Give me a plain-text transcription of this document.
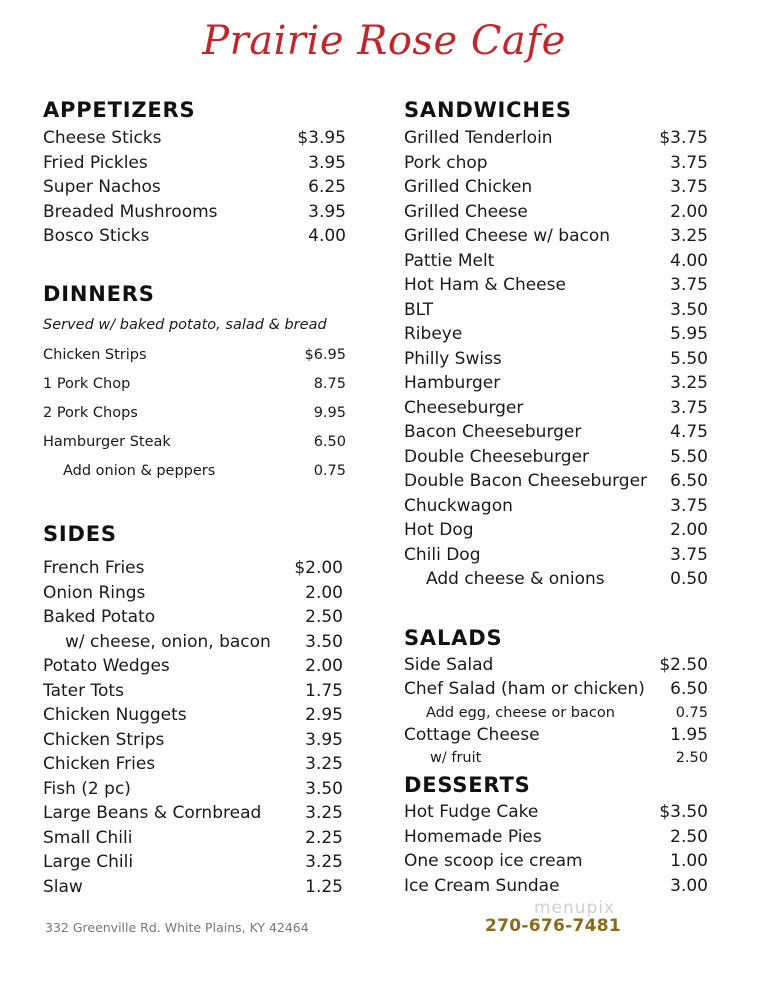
Prairie Rose Cafe
APPETIZERS
Cheese Sticks	$3.95
Fried Pickles	3.95
Super Nachos	6.25
Breaded Mushrooms	3.95
Bosco Sticks	4.00
DINNERS
Served w/ baked potato, salad & bread
Chicken Strips	$6.95
1 Pork Chop	8.75
2 Pork Chops	9.95
Hamburger Steak	6.50
Add onion & peppers	0.75
SIDES
French Fries	$2.00
Onion Rings	2.00
Baked Potato	2.50
w/ cheese, onion, bacon 3.50
Potato Wedges	2.00
Tater Tots	1.75
Chicken Nuggets	2.95
Chicken Strips	3.95
Chicken Fries	3.25
Fish (2 pc)	3.50
Large Beans & Cornbread	3.25
Small Chili	2.25
Large Chili	3.25
Slaw	1.25
SANDWICHES
Grilled Tenderloin	$3.75
Pork chop	3.75
Grilled Chicken	3.75
Grilled Cheese	2.00
Grilled Cheese w/ bacon	3.25
Pattie Melt	4.00
Hot Ham & Cheese	3.75
BLT	3.50
Ribeye	5.95
Philly Swiss	5.50
Hamburger	3.25
Cheeseburger	3.75
Bacon Cheeseburger	4.75
Double Cheeseburger	5.50
Double Bacon Cheeseburger 6.50
Chuckwagon	3.75
Hot Dog	2.00
Chili Dog	3.75
Add cheese & onions	0.50
SALADS
Side Salad	$2.50
Chef Salad (ham or chicken) 6.50
Add egg, cheese or bacon	0.75
Cottage Cheese	1.95
w/ fruit	2.50
DESSERTS
Hot Fudge Cake	$3.50
Homemade Pies	2.50
One scoop ice cream	1.00
Ice Cream Sundae	3.00
332 Greenville Rd. White Plains, KY 42464
menupix
270-676-7481
